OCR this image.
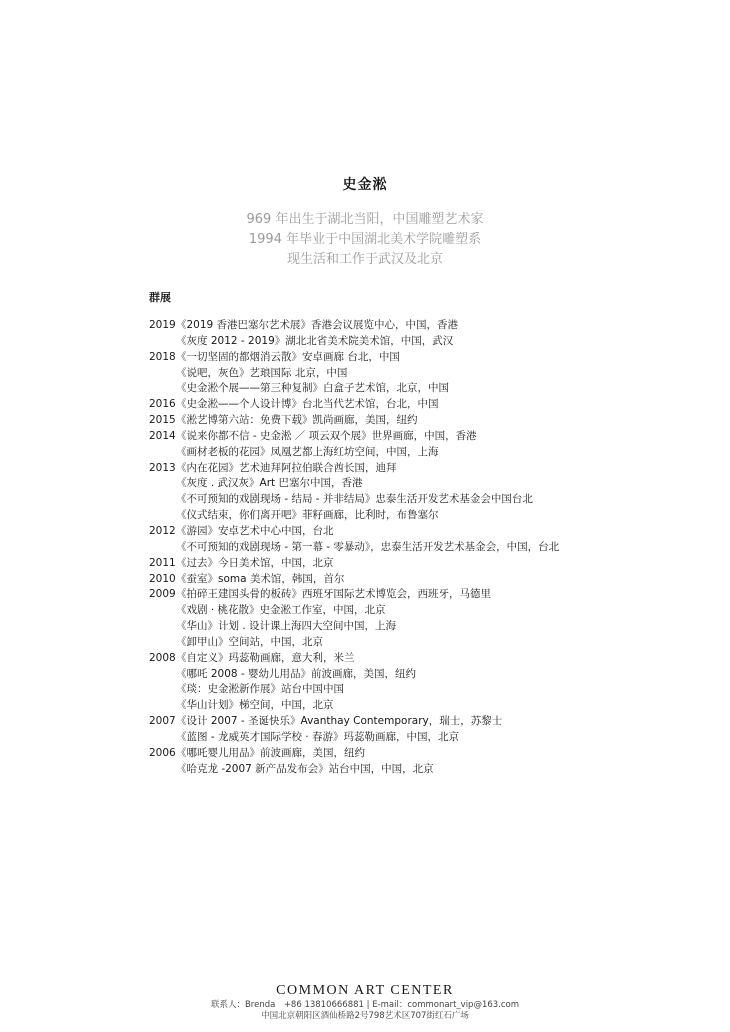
史金淞
969 年出生于湖北当阳，中国雕塑艺术家
1994 年毕业于中国湖北美术学院雕塑系
现生活和工作于武汉及北京
群展
2019 《2019 香港巴塞尔艺术展》香港会议展览中心，中国，香港
《灰度 2012 - 2019》湖北北省美术院美术馆，中国，武汉
2018 《一切坚固的都烟消云散》安卓画廊 台北，中国
《说吧，灰色》艺琅国际 北京，中国
《史金淞个展——第三种复制》白盒子艺术馆，北京，中国
2016 《史金淞——个人设计博》台北当代艺术馆，台北，中国
2015 《淞艺博第六站：免费下载》凯尚画廊，美国，纽约
2014 《说来你都不信 - 史金淞 ／ 项云双个展》世界画廊，中国，香港
《画材老板的花园》凤凰艺都上海红坊空间，中国，上海
2013 《内在花园》艺术迪拜阿拉伯联合酋长国，迪拜
《灰度 . 武汉灰》Art 巴塞尔中国，香港
《不可预知的戏剧现场 - 结局 - 并非结局》忠泰生活开发艺术基金会中国台北
《仪式结束，你们离开吧》菲籽画廊，比利时，布鲁塞尔
2012 《游园》安卓艺术中心中国，台北
《不可预知的戏剧现场 - 第一幕 - 零暴动》，忠泰生活开发艺术基金会，中国，台北
2011 《过去》今日美术馆，中国，北京
2010 《蚕室》soma 美术馆，韩国，首尔
2009 《拍碎王建国头骨的板砖》西班牙国际艺术博览会，西班牙，马德里
《戏剧 · 桃花散》史金淞工作室，中国，北京
《华山》计划 . 设计课上海四大空间中国，上海
《卸甲山》空间站，中国，北京
2008 《自定义》玛蕊勒画廊，意大利，米兰
《哪吒 2008 - 婴幼儿用品》前波画廊，美国，纽约
《琰：史金淞新作展》站台中国中国
《华山计划》梯空间，中国，北京
2007 《设计 2007 - 圣诞快乐》Avanthay Contemporary，瑞士，苏黎士
《蓝图 - 龙威英才国际学校 · 春游》玛蕊勒画廊，中国，北京
2006 《哪吒婴儿用品》前波画廊，美国，纽约
《哈克龙 -2007 新产品发布会》站台中国，中国，北京
COMMON ART CENTER
联系人：Brenda　+86 13810666881 | E-mail：commonart_vip@163.com
中国北京朝阳区酒仙桥路2号798艺术区707街红石广场
